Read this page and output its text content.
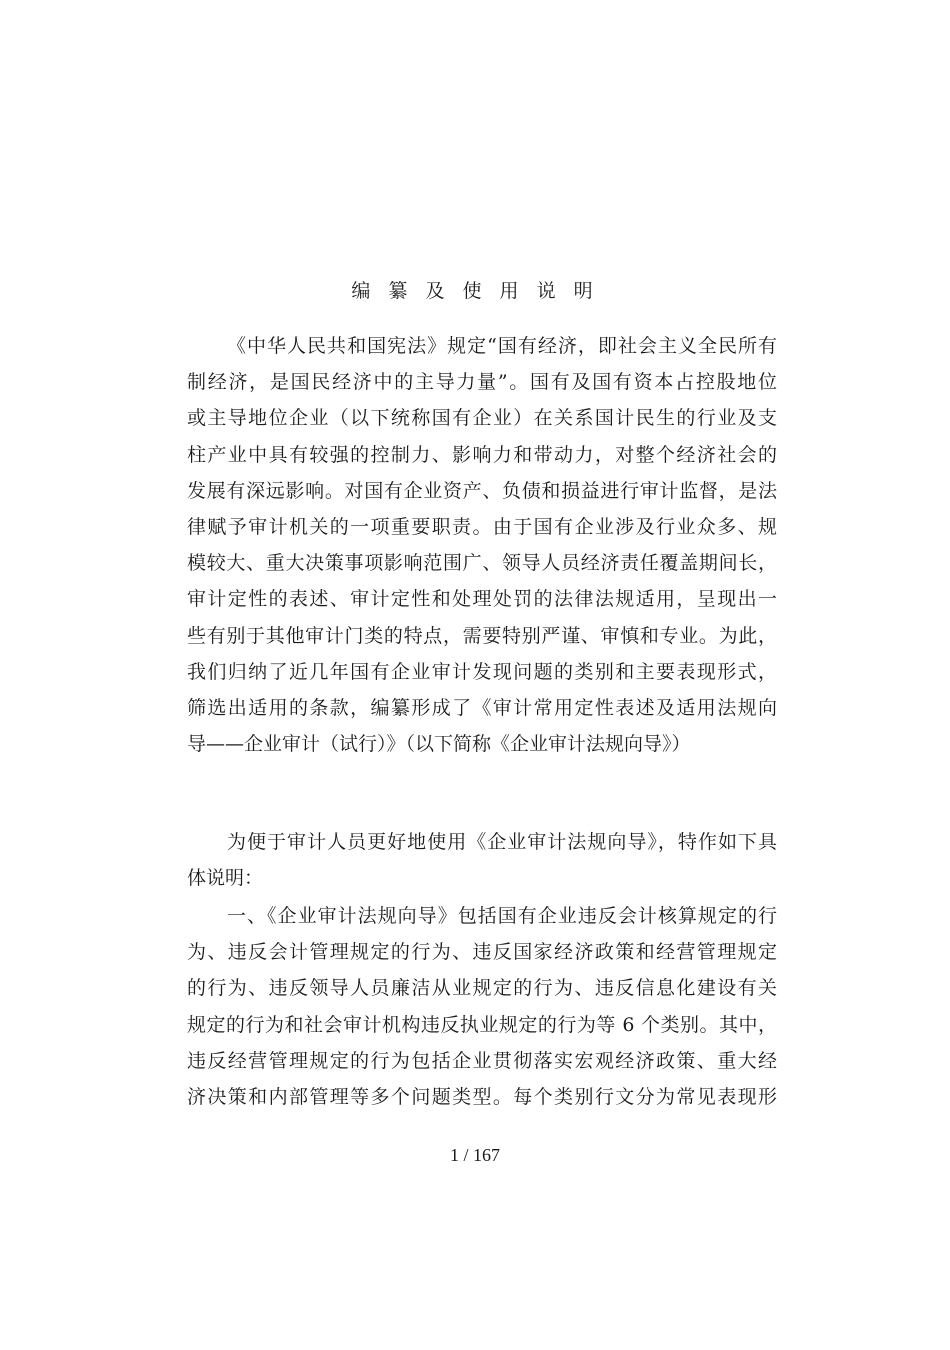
编 纂 及 使 用 说 明
《中华人民共和国宪法》规定“国有经济，即社会主义全民所有
制经济，是国民经济中的主导力量”。国有及国有资本占控股地位
或主导地位企业（以下统称国有企业）在关系国计民生的行业及支
柱产业中具有较强的控制力、影响力和带动力，对整个经济社会的
发展有深远影响。对国有企业资产、负债和损益进行审计监督，是法
律赋予审计机关的一项重要职责。由于国有企业涉及行业众多、规
模较大、重大决策事项影响范围广、领导人员经济责任覆盖期间长，
审计定性的表述、审计定性和处理处罚的法律法规适用，呈现出一
些有别于其他审计门类的特点，需要特别严谨、审慎和专业。为此，
我们归纳了近几年国有企业审计发现问题的类别和主要表现形式，
筛选出适用的条款，编纂形成了《审计常用定性表述及适用法规向
导——企业审计（试行）》（以下简称《企业审计法规向导》）
为便于审计人员更好地使用《企业审计法规向导》，特作如下具
体说明：
一、《企业审计法规向导》包括国有企业违反会计核算规定的行
为、违反会计管理规定的行为、违反国家经济政策和经营管理规定
的行为、违反领导人员廉洁从业规定的行为、违反信息化建设有关
规定的行为和社会审计机构违反执业规定的行为等 6 个类别。其中，
违反经营管理规定的行为包括企业贯彻落实宏观经济政策、重大经
济决策和内部管理等多个问题类型。每个类别行文分为常见表现形
1 / 167
